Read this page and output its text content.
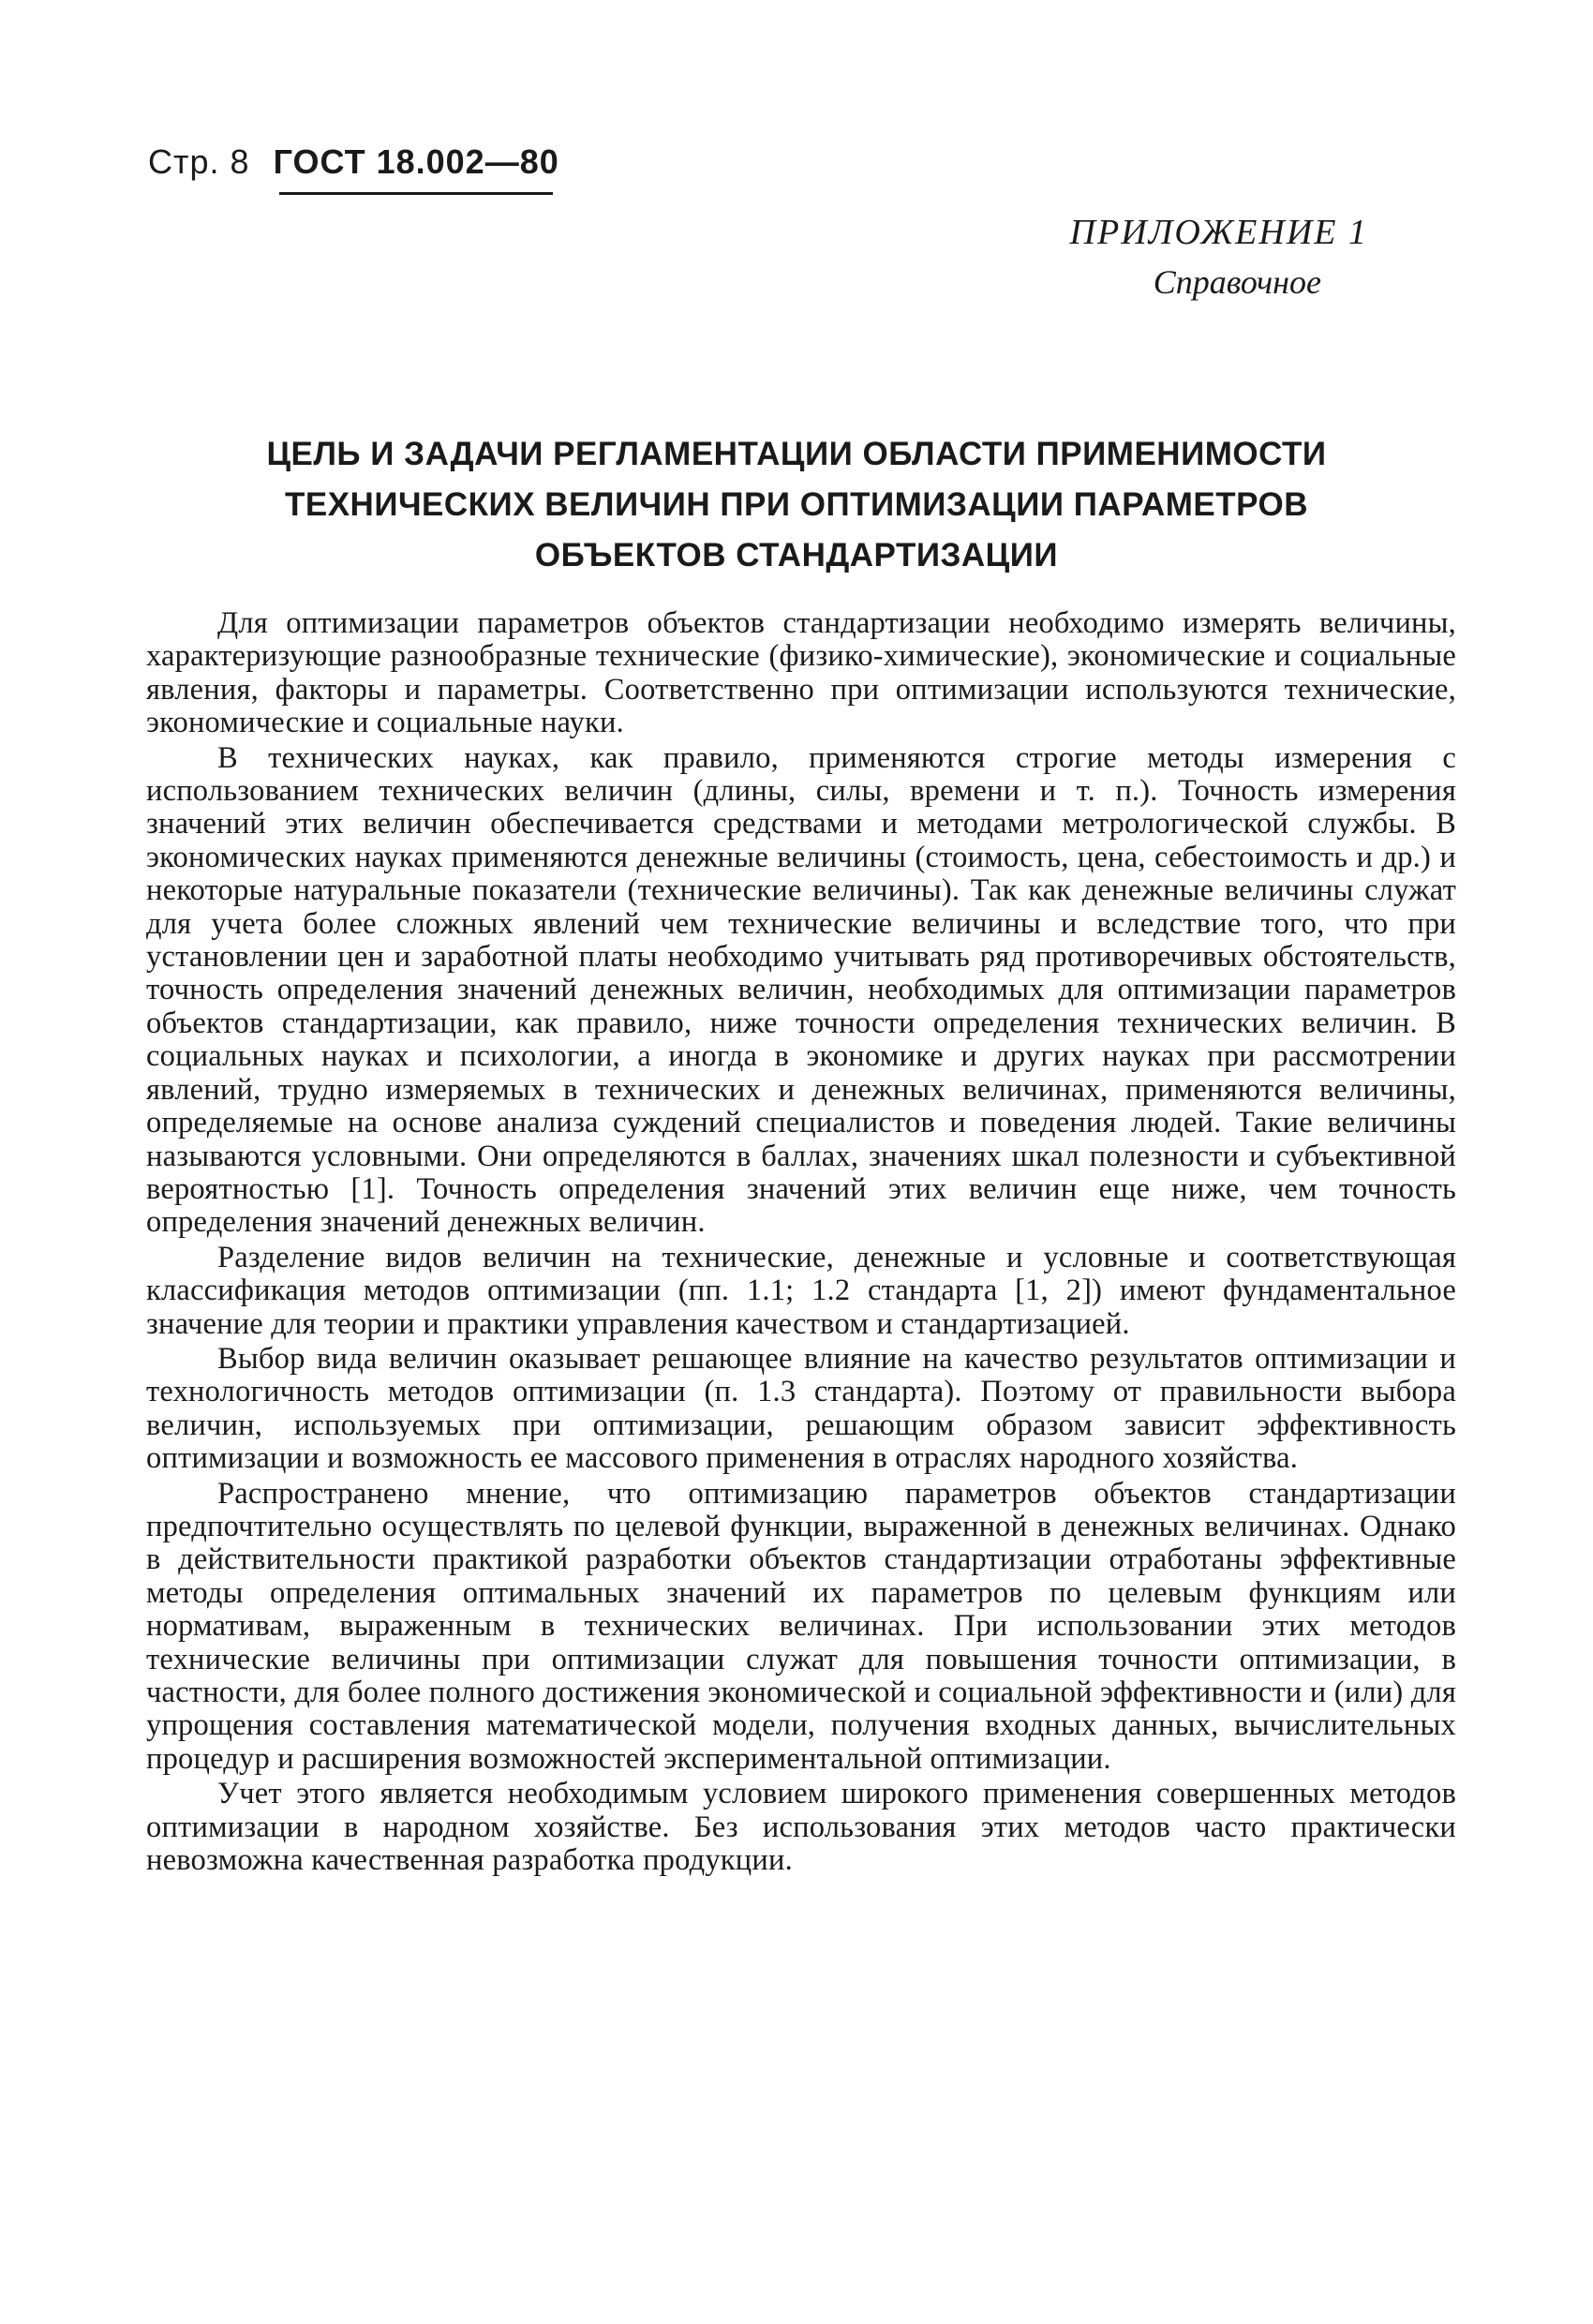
Стр. 8 ГОСТ 18.002—80
ПРИЛОЖЕНИЕ 1
Справочное
ЦЕЛЬ И ЗАДАЧИ РЕГЛАМЕНТАЦИИ ОБЛАСТИ ПРИМЕНИМОСТИ
ТЕХНИЧЕСКИХ ВЕЛИЧИН ПРИ ОПТИМИЗАЦИИ ПАРАМЕТРОВ
ОБЪЕКТОВ СТАНДАРТИЗАЦИИ

Для оптимизации параметров объектов стандартизации необходимо измерять величины, характеризующие разнообразные технические (физико-химические), экономические и социальные явления, факторы и параметры. Соответственно при оптимизации используются технические, экономические и социальные науки.

В технических науках, как правило, применяются строгие методы измерения с использованием технических величин (длины, силы, времени и т. п.). Точность измерения значений этих величин обеспечивается средствами и методами метрологической службы. В экономических науках применяются денежные величины (стоимость, цена, себестоимость и др.) и некоторые натуральные показатели (технические величины). Так как денежные величины служат для учета более сложных явлений чем технические величины и вследствие того, что при установлении цен и заработной платы необходимо учитывать ряд противоречивых обстоятельств, точность определения значений денежных величин, необходимых для оптимизации параметров объектов стандартизации, как правило, ниже точности определения технических величин. В социальных науках и психологии, а иногда в экономике и других науках при рассмотрении явлений, трудно измеряемых в технических и денежных величинах, применяются величины, определяемые на основе анализа суждений специалистов и поведения людей. Такие величины называются условными. Они определяются в баллах, значениях шкал полезности и субъективной вероятностью [1]. Точность определения значений этих величин еще ниже, чем точность определения значений денежных величин.

Разделение видов величин на технические, денежные и условные и соответствующая классификация методов оптимизации (пп. 1.1; 1.2 стандарта [1, 2]) имеют фундаментальное значение для теории и практики управления качеством и стандартизацией.

Выбор вида величин оказывает решающее влияние на качество результатов оптимизации и технологичность методов оптимизации (п. 1.3 стандарта). Поэтому от правильности выбора величин, используемых при оптимизации, решающим образом зависит эффективность оптимизации и возможность ее массового применения в отраслях народного хозяйства.

Распространено мнение, что оптимизацию параметров объектов стандартизации предпочтительно осуществлять по целевой функции, выраженной в денежных величинах. Однако в действительности практикой разработки объектов стандартизации отработаны эффективные методы определения оптимальных значений их параметров по целевым функциям или нормативам, выраженным в технических величинах. При использовании этих методов технические величины при оптимизации служат для повышения точности оптимизации, в частности, для более полного достижения экономической и социальной эффективности и (или) для упрощения составления математической модели, получения входных данных, вычислительных процедур и расширения возможностей экспериментальной оптимизации.

Учет этого является необходимым условием широкого применения совершенных методов оптимизации в народном хозяйстве. Без использования этих методов часто практически невозможна качественная разработка продукции.
